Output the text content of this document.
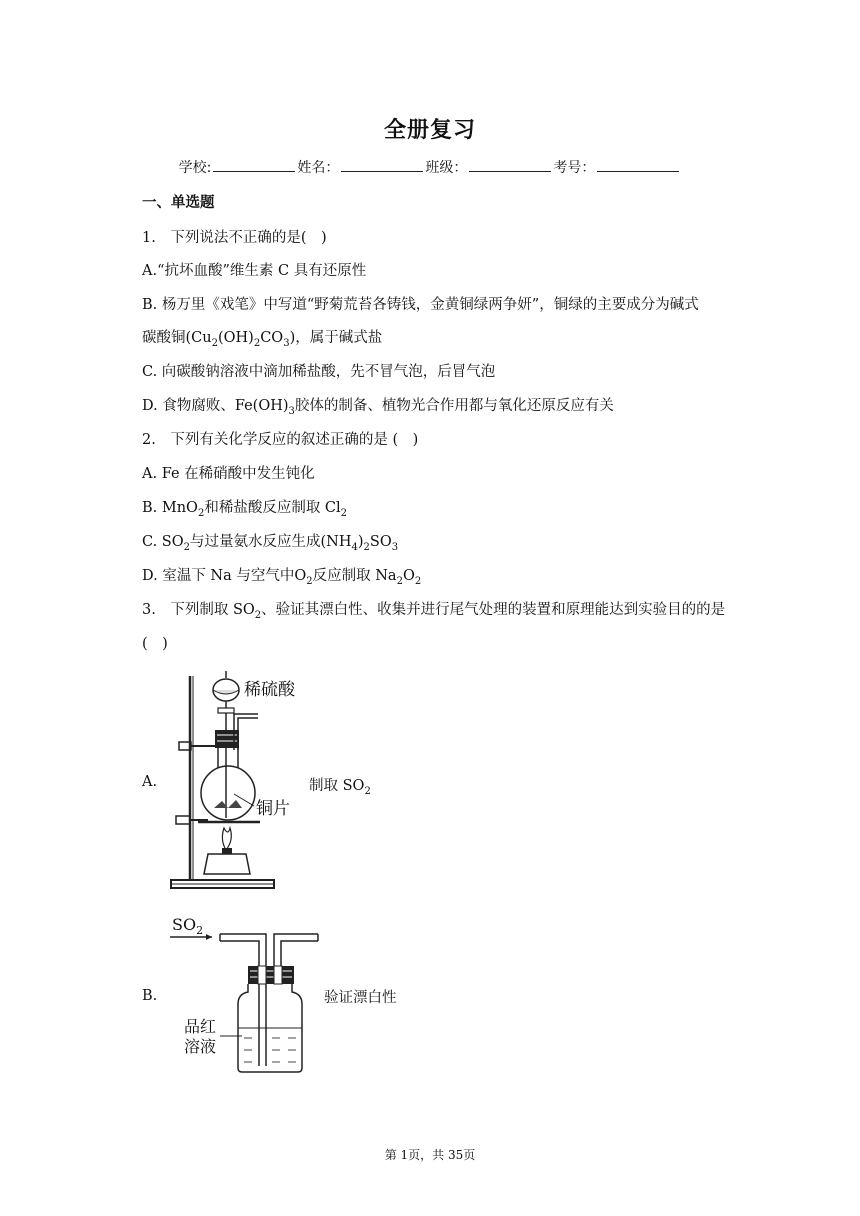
全册复习
学校:	姓名：	班级：	考号：
一、单选题
1.　下列说法不正确的是(　)
A.“抗坏血酸”维生素 C 具有还原性
B. 杨万里《戏笔》中写道“野菊荒苔各铸钱，金黄铜绿两争妍”，铜绿的主要成分为碱式
碳酸铜$(Cu_2(OH)_2CO_3)$，属于碱式盐
C. 向碳酸钠溶液中滴加稀盐酸，先不冒气泡，后冒气泡
D. 食物腐败、$Fe(OH)_3$胶体的制备、植物光合作用都与氧化还原反应有关
2.　下列有关化学反应的叙述正确的是 (　)
A. Fe 在稀硝酸中发生钝化
B. MnO$_2$和稀盐酸反应制取 $Cl_2$
C. $SO_2$与过量氨水反应生成$(NH_4)_2SO_3$
D. 室温下 Na 与空气中$O_2$反应制取 $Na_2O_2$
3.　下列制取 $SO_2$、验证其漂白性、收集并进行尾气处理的装置和原理能达到实验目的的是
(　)
A.
稀硫酸
铜片
制取 $SO_2$
B.
$SO_2$
品红
溶液
验证漂白性
第 1页，共 35页
